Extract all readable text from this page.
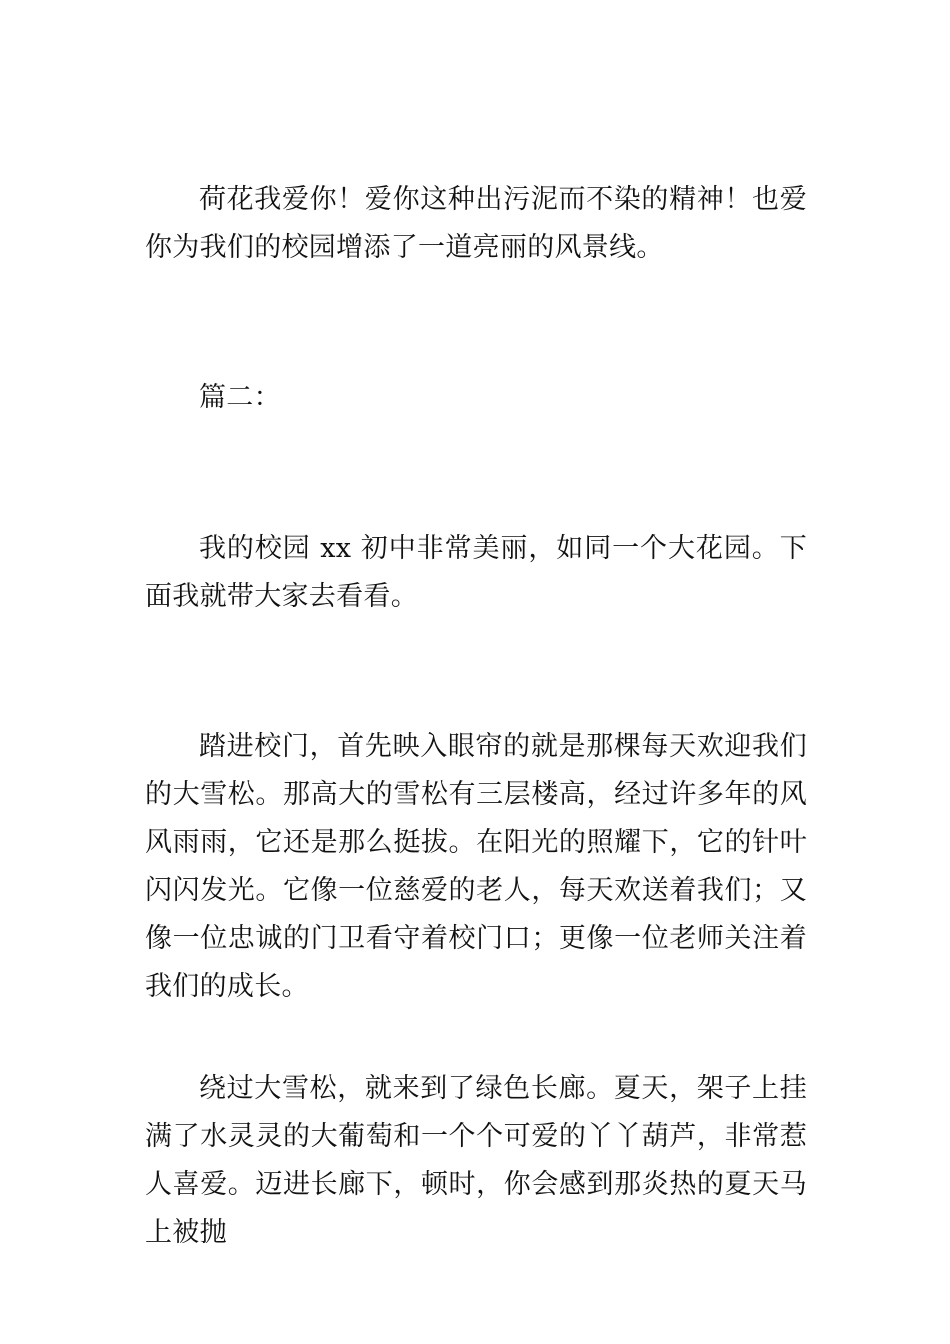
荷花我爱你！爱你这种出污泥而不染的精神！也爱你为我们的校园增添了一道亮丽的风景线。

篇二：

我的校园 xx 初中非常美丽，如同一个大花园。下面我就带大家去看看。

踏进校门，首先映入眼帘的就是那棵每天欢迎我们的大雪松。那高大的雪松有三层楼高，经过许多年的风风雨雨，它还是那么挺拔。在阳光的照耀下，它的针叶闪闪发光。它像一位慈爱的老人，每天欢送着我们；又像一位忠诚的门卫看守着校门口；更像一位老师关注着我们的成长。

绕过大雪松，就来到了绿色长廊。夏天，架子上挂满了水灵灵的大葡萄和一个个可爱的丫丫葫芦，非常惹人喜爱。迈进长廊下，顿时，你会感到那炎热的夏天马上被抛
